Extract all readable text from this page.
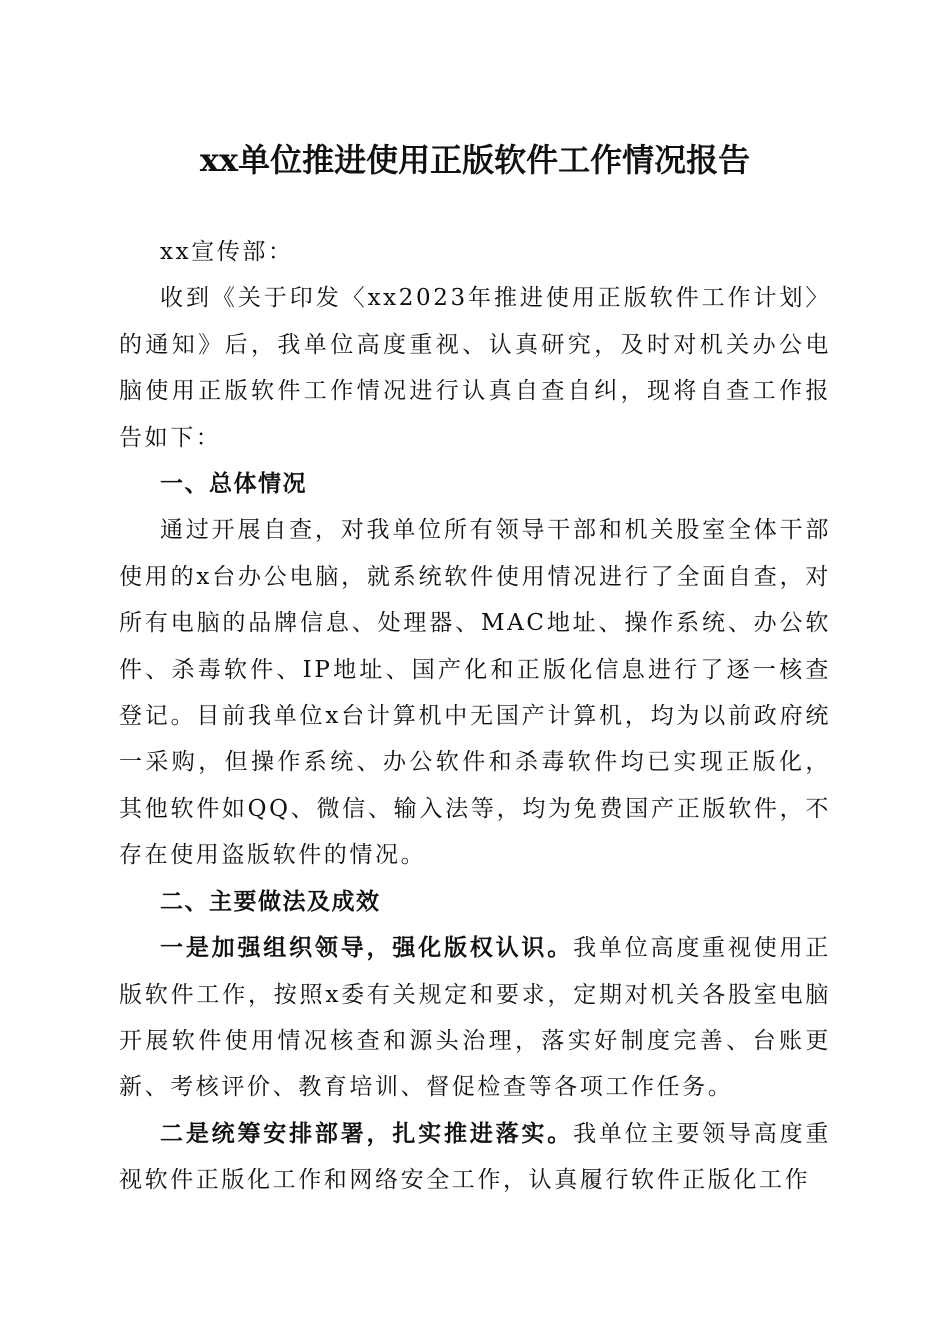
xx单位推进使用正版软件工作情况报告

xx宣传部：

收到《关于印发〈xx2023年推进使用正版软件工作计划〉的通知》后，我单位高度重视、认真研究，及时对机关办公电脑使用正版软件工作情况进行认真自查自纠，现将自查工作报告如下：

一、总体情况

通过开展自查，对我单位所有领导干部和机关股室全体干部使用的x台办公电脑，就系统软件使用情况进行了全面自查，对所有电脑的品牌信息、处理器、MAC地址、操作系统、办公软件、杀毒软件、IP地址、国产化和正版化信息进行了逐一核查登记。目前我单位x台计算机中无国产计算机，均为以前政府统一采购，但操作系统、办公软件和杀毒软件均已实现正版化，其他软件如QQ、微信、输入法等，均为免费国产正版软件，不存在使用盗版软件的情况。

二、主要做法及成效

一是加强组织领导，强化版权认识。我单位高度重视使用正版软件工作，按照x委有关规定和要求，定期对机关各股室电脑开展软件使用情况核查和源头治理，落实好制度完善、台账更新、考核评价、教育培训、督促检查等各项工作任务。

二是统筹安排部署，扎实推进落实。我单位主要领导高度重视软件正版化工作和网络安全工作，认真履行软件正版化工作
